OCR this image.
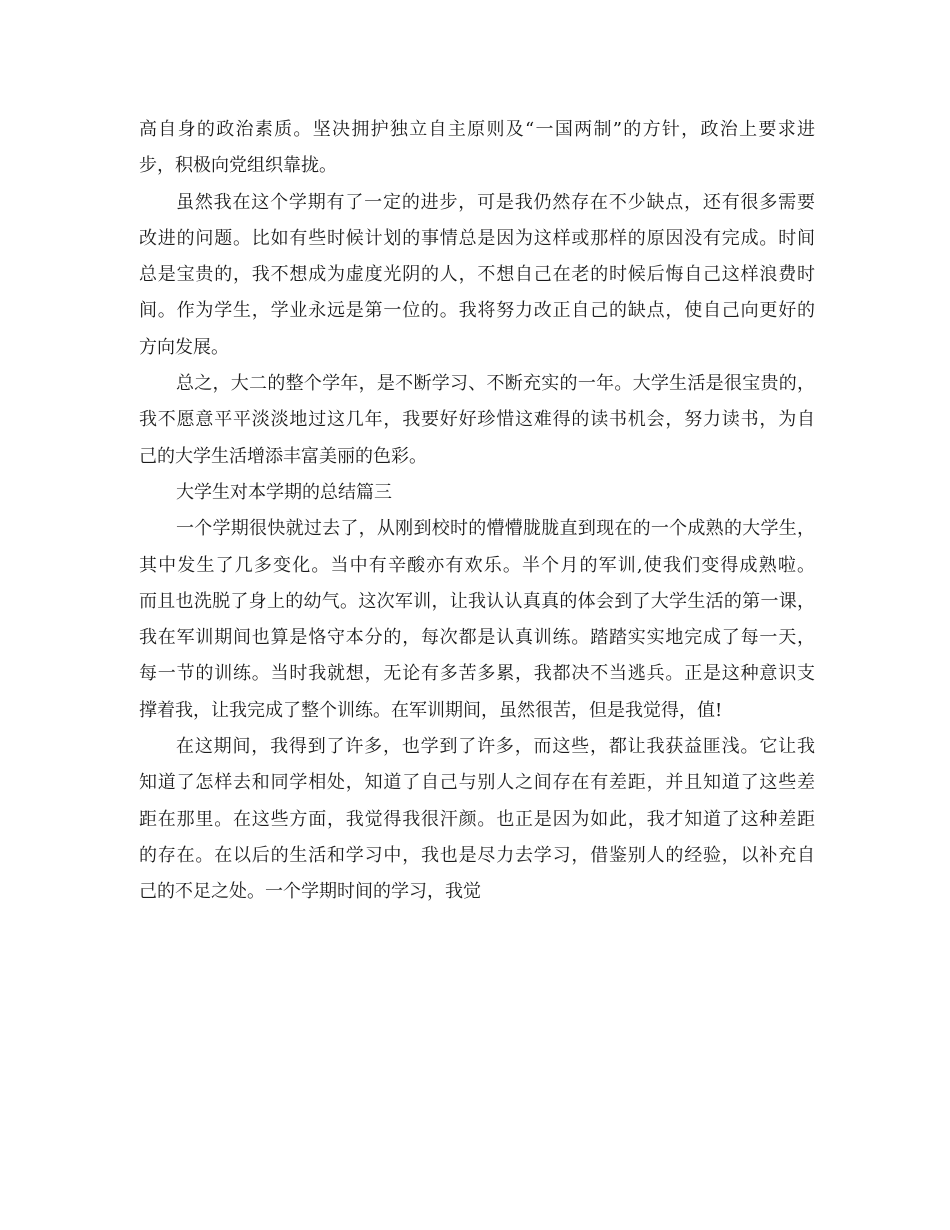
高自身的政治素质。坚决拥护独立自主原则及“一国两制”的方针，政治上要求进
步，积极向党组织靠拢。

虽然我在这个学期有了一定的进步，可是我仍然存在不少缺点，还有很多需要
改进的问题。比如有些时候计划的事情总是因为这样或那样的原因没有完成。时间
总是宝贵的，我不想成为虚度光阴的人，不想自己在老的时候后悔自己这样浪费时
间。作为学生，学业永远是第一位的。我将努力改正自己的缺点，使自己向更好的
方向发展。

总之，大二的整个学年，是不断学习、不断充实的一年。大学生活是很宝贵的，
我不愿意平平淡淡地过这几年，我要好好珍惜这难得的读书机会，努力读书，为自
己的大学生活增添丰富美丽的色彩。

大学生对本学期的总结篇三

一个学期很快就过去了，从刚到校时的懵懵胧胧直到现在的一个成熟的大学生，
其中发生了几多变化。当中有辛酸亦有欢乐。半个月的军训,使我们变得成熟啦。
而且也洗脱了身上的幼气。这次军训，让我认认真真的体会到了大学生活的第一课，
我在军训期间也算是恪守本分的，每次都是认真训练。踏踏实实地完成了每一天，
每一节的训练。当时我就想，无论有多苦多累，我都决不当逃兵。正是这种意识支
撑着我，让我完成了整个训练。在军训期间，虽然很苦，但是我觉得，值!

在这期间，我得到了许多，也学到了许多，而这些，都让我获益匪浅。它让我
知道了怎样去和同学相处，知道了自己与别人之间存在有差距，并且知道了这些差
距在那里。在这些方面，我觉得我很汗颜。也正是因为如此，我才知道了这种差距
的存在。在以后的生活和学习中，我也是尽力去学习，借鉴别人的经验，以补充自
己的不足之处。一个学期时间的学习，我觉
